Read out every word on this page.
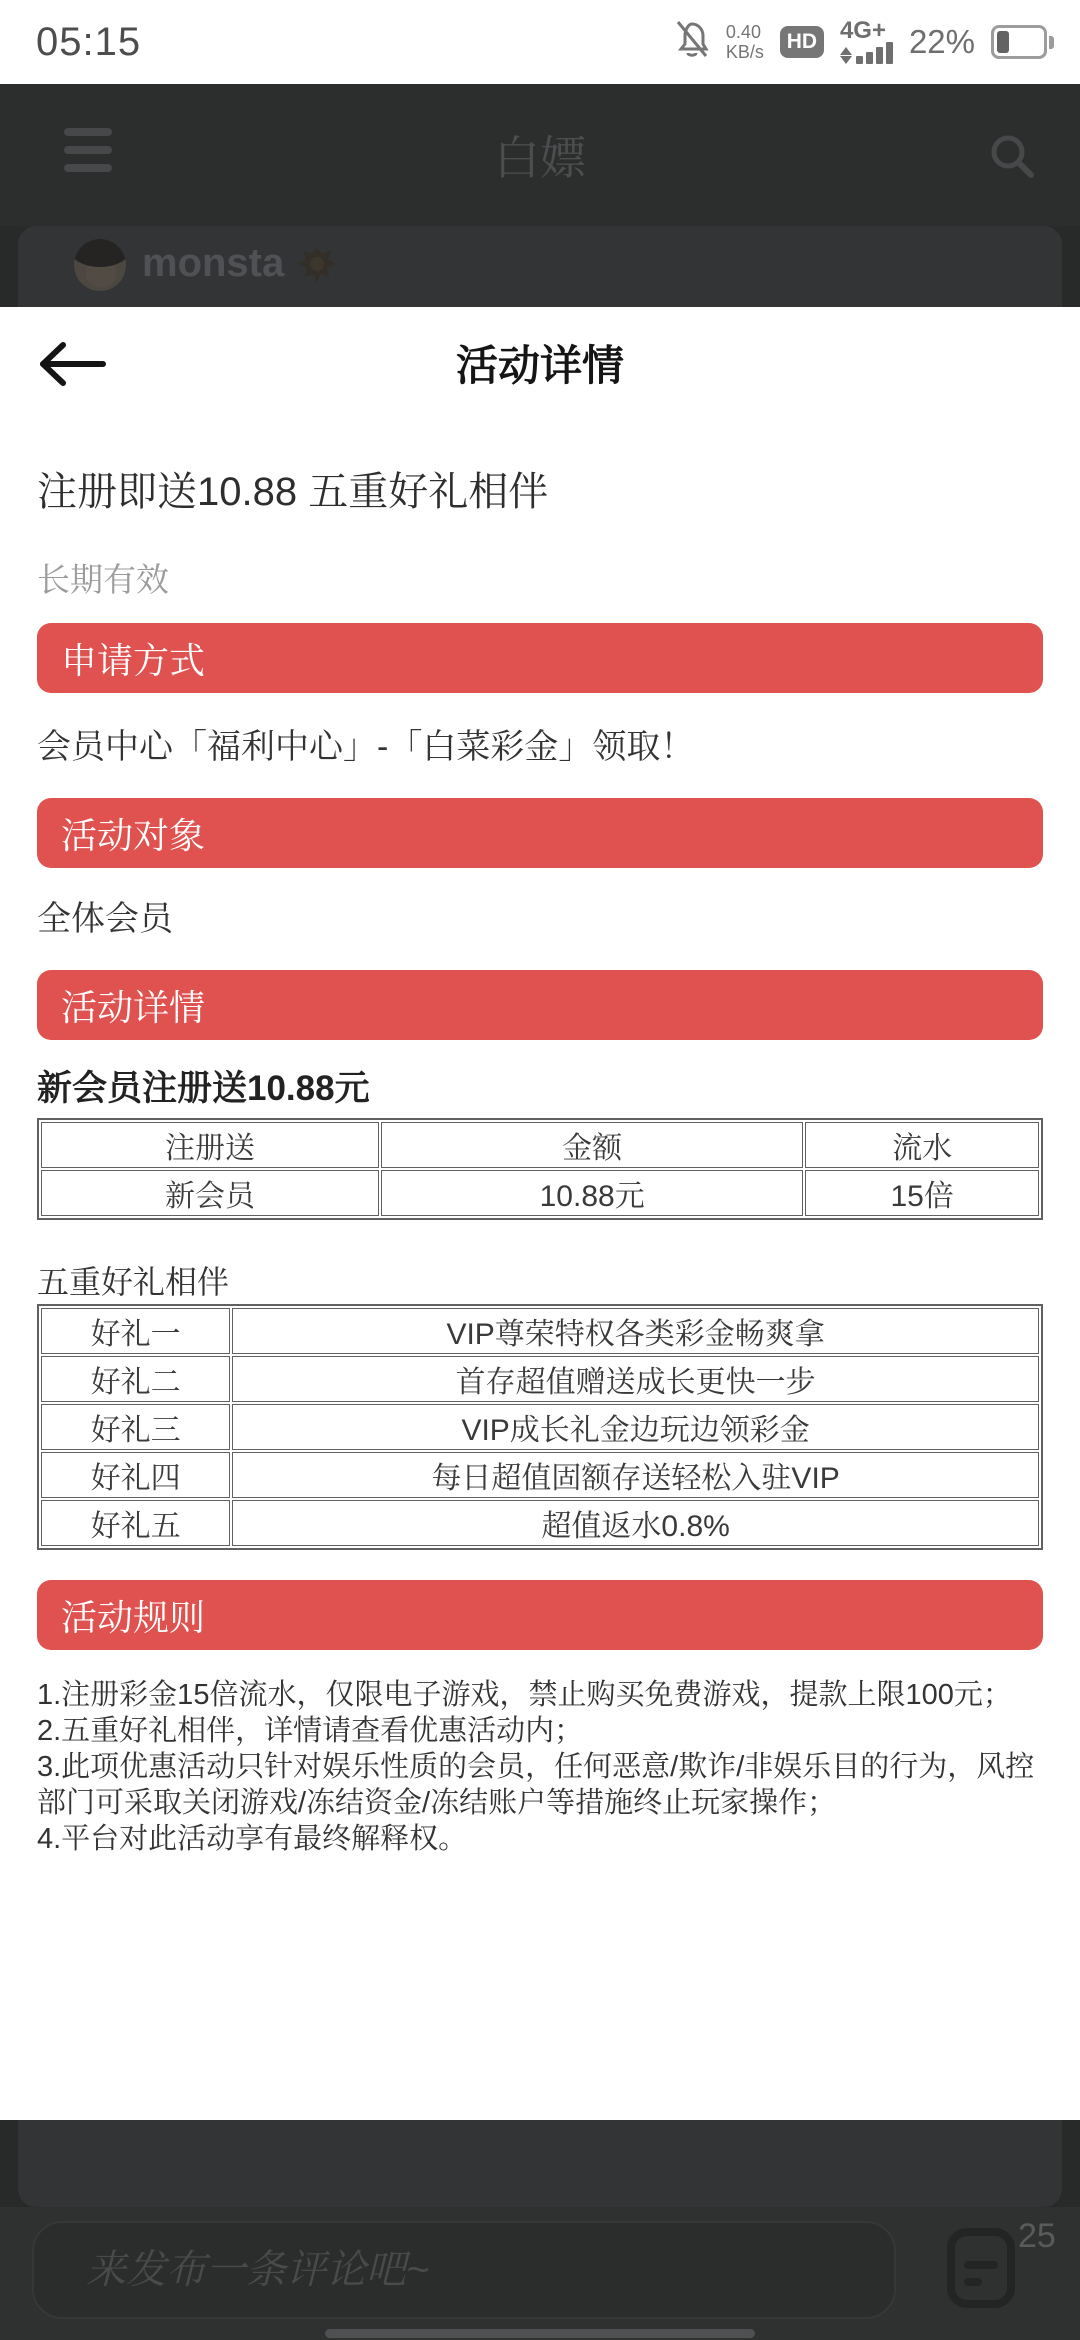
05:15	0.40
KB/s	HD 4G+ 22%
白嫖
monsta
活动详情
注册即送10.88 五重好礼相伴
长期有效
申请方式
会员中心「福利中心」-「白菜彩金」领取！
活动对象
全体会员
活动详情
新会员注册送10.88元
注册送	金额	流水
新会员	10.88元	15倍
五重好礼相伴
好礼一	VIP尊荣特权各类彩金畅爽拿
好礼二	首存超值赠送成长更快一步
好礼三	VIP成长礼金边玩边领彩金
好礼四	每日超值固额存送轻松入驻VIP
好礼五	超值返水0.8%
活动规则
1.注册彩金15倍流水，仅限电子游戏，禁止购买免费游戏，提款上限100元；
2.五重好礼相伴，详情请查看优惠活动内；
3.此项优惠活动只针对娱乐性质的会员，任何恶意/欺诈/非娱乐目的行为，风控部门可采取关闭游戏/冻结资金/冻结账户等措施终止玩家操作；
4.平台对此活动享有最终解释权。
来发布一条评论吧~
25
